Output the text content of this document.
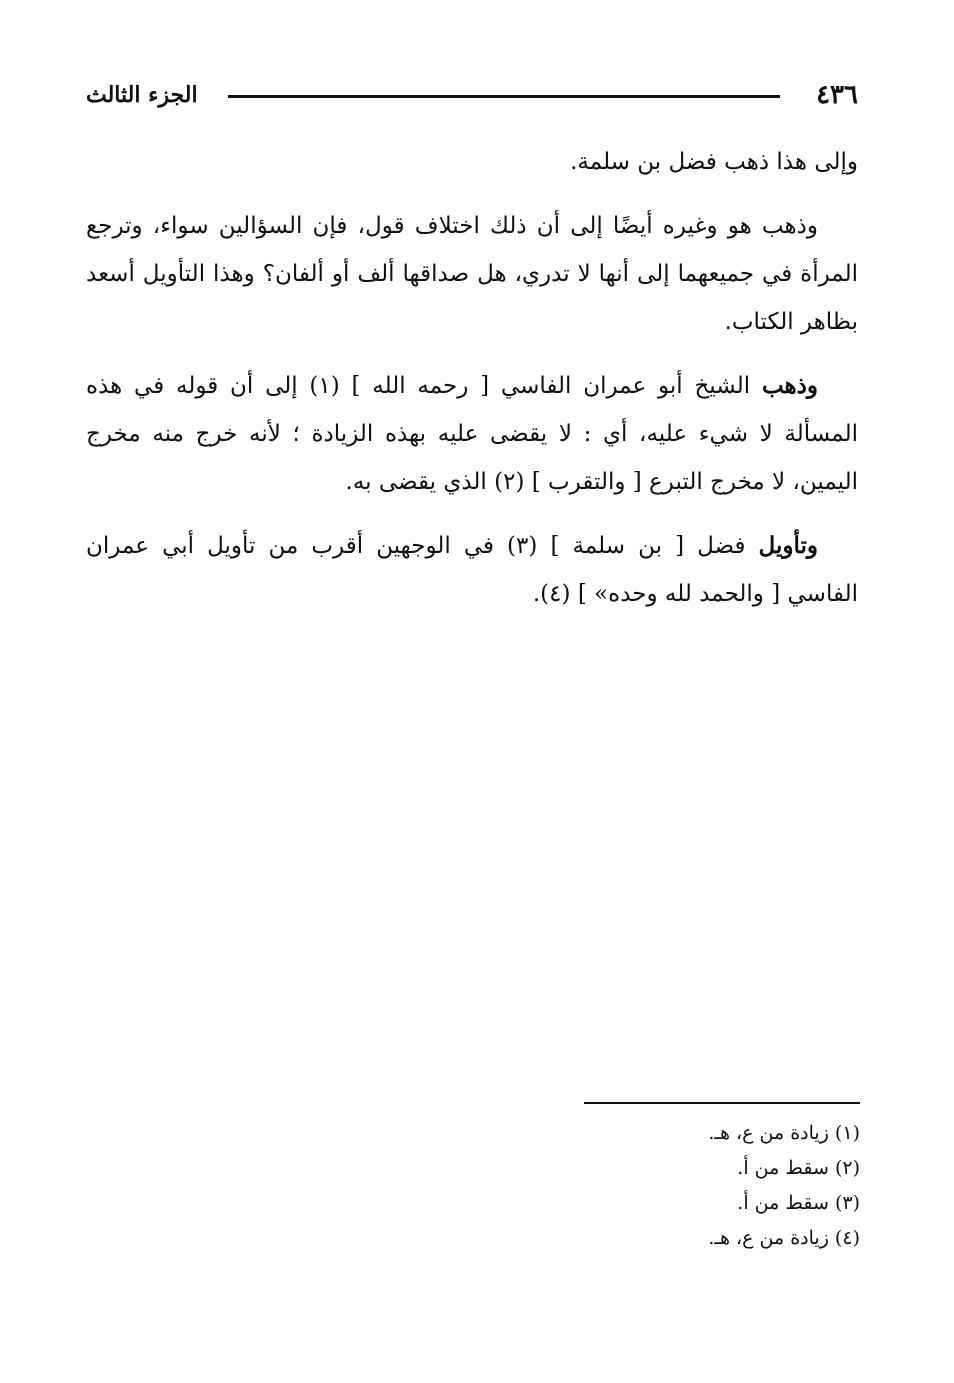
٤٣٦
الجزء الثالث

وإلى هذا ذهب فضل بن سلمة.

وذهب هو وغيره أيضًا إلى أن ذلك اختلاف قول، فإن السؤالين سواء، وترجع المرأة في جميعهما إلى أنها لا تدري، هل صداقها ألف أو ألفان؟ وهذا التأويل أسعد بظاهر الكتاب.

وذهب الشيخ أبو عمران الفاسي [ رحمه الله ] (١) إلى أن قوله في هذه المسألة لا شيء عليه، أي : لا يقضى عليه بهذه الزيادة ؛ لأنه خرج منه مخرج اليمين، لا مخرج التبرع [ والتقرب ] (٢) الذي يقضى به.

وتأويل فضل [ بن سلمة ] (٣) في الوجهين أقرب من تأويل أبي عمران الفاسي [ والحمد لله وحده» ] (٤).

(١) زيادة من ع، هـ.

(٢) سقط من أ.

(٣) سقط من أ.

(٤) زيادة من ع، هـ.
